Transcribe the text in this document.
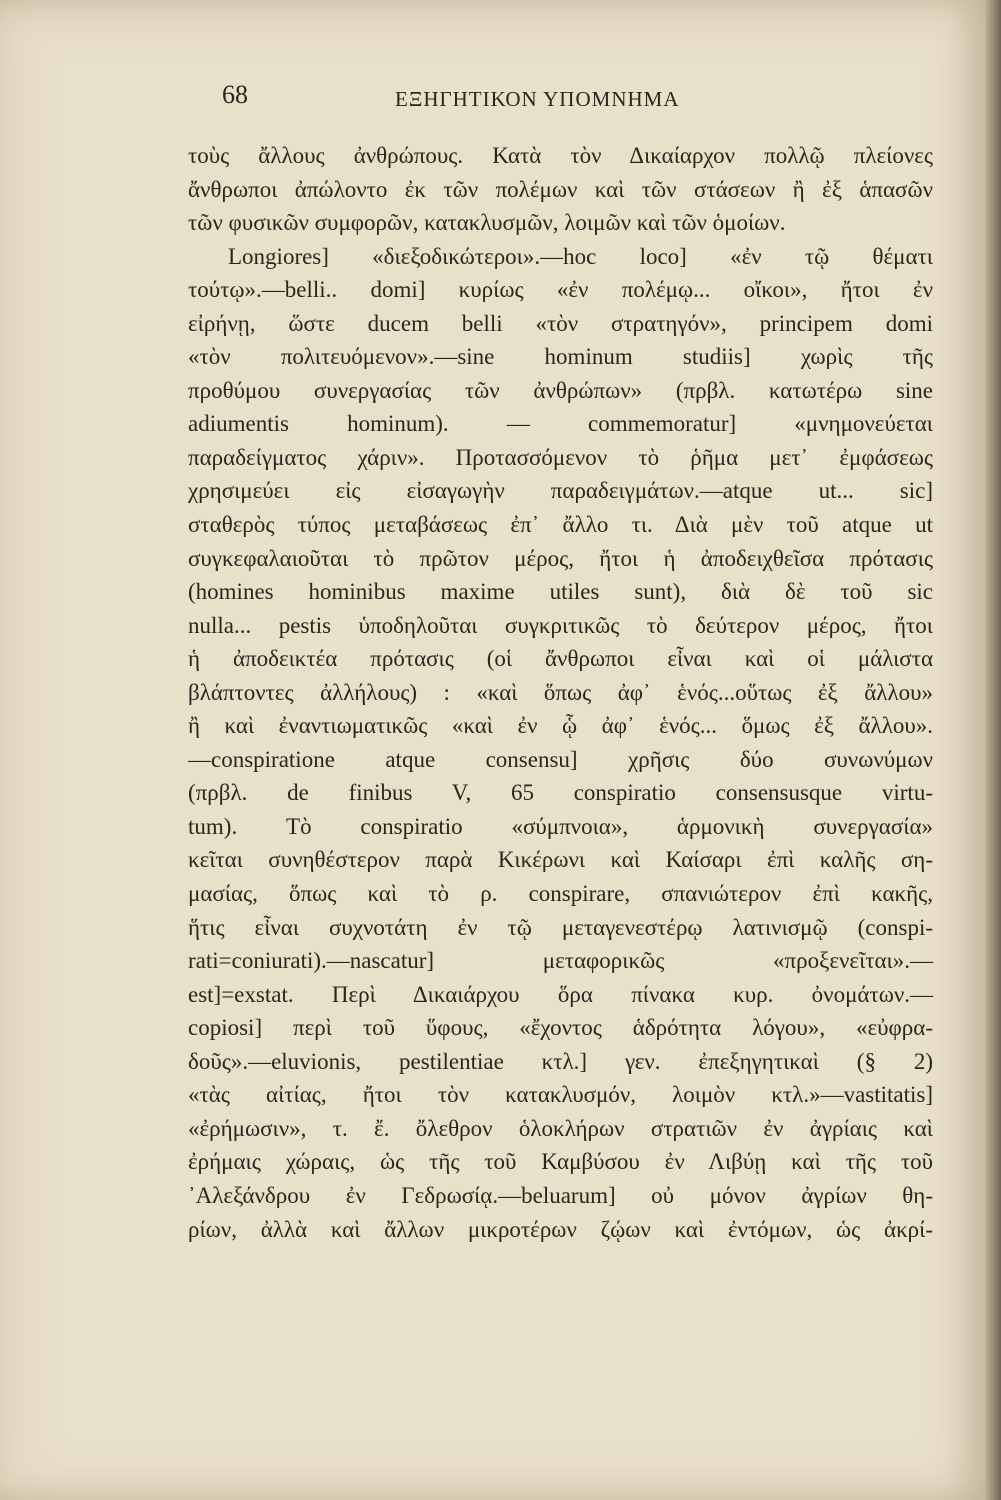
68	ΕΞΗΓΗΤΙΚΟΝ ΥΠΟΜΝΗΜΑ
τοὺς ἄλλους ἀνθρώπους. Κατὰ τὸν Δικαίαρχον πολλῷ πλείονες
ἄνθρωποι ἀπώλοντο ἐκ τῶν πολέμων καὶ τῶν στάσεων ἢ ἐξ ἁπασῶν
τῶν φυσικῶν συμφορῶν, κατακλυσμῶν, λοιμῶν καὶ τῶν ὁμοίων.
Longiores] «διεξοδικώτεροι».—hoc loco] «ἐν τῷ θέματι
τούτῳ».—belli.. domi] κυρίως «ἐν πολέμῳ... οἴκοι», ἤτοι ἐν
εἰρήνῃ, ὥστε ducem belli «τὸν στρατηγόν», principem domi
«τὸν πολιτευόμενον».—sine hominum studiis] χωρὶς τῆς
προθύμου συνεργασίας τῶν ἀνθρώπων» (πρβλ. κατωτέρω sine
adiumentis hominum). — commemoratur] «μνημονεύεται
παραδείγματος χάριν». Προτασσόμενον τὸ ῥῆμα μετ᾽ ἐμφάσεως
χρησιμεύει εἰς εἰσαγωγὴν παραδειγμάτων.—atque ut... sic]
σταθερὸς τύπος μεταβάσεως ἐπ᾽ ἄλλο τι. Διὰ μὲν τοῦ atque ut
συγκεφαλαιοῦται τὸ πρῶτον μέρος, ἤτοι ἡ ἀποδειχθεῖσα πρότασις
(homines hominibus maxime utiles sunt), διὰ δὲ τοῦ sic
nulla... pestis ὑποδηλοῦται συγκριτικῶς τὸ δεύτερον μέρος, ἤτοι
ἡ ἀποδεικτέα πρότασις (οἱ ἄνθρωποι εἶναι καὶ οἱ μάλιστα
βλάπτοντες ἀλλήλους) : «καὶ ὅπως ἀφ᾽ ἑνός...οὕτως ἐξ ἄλλου»
ἢ καὶ ἐναντιωματικῶς «καὶ ἐν ᾧ ἀφ᾽ ἑνός... ὅμως ἐξ ἄλλου».
—conspiratione atque consensu] χρῆσις δύο συνωνύμων
(πρβλ. de finibus V, 65 conspiratio consensusque virtu-
tum). Τὸ conspiratio «σύμπνοια», ἁρμονικὴ συνεργασία»
κεῖται συνηθέστερον παρὰ Κικέρωνι καὶ Καίσαρι ἐπὶ καλῆς ση-
μασίας, ὅπως καὶ τὸ ρ. conspirare, σπανιώτερον ἐπὶ κακῆς,
ἥτις εἶναι συχνοτάτη ἐν τῷ μεταγενεστέρῳ λατινισμῷ (conspi-
rati=coniurati).—nascatur] μεταφορικῶς «προξενεῖται».—
est]=exstat. Περὶ Δικαιάρχου ὅρα πίνακα κυρ. ὀνομάτων.—
copiosi] περὶ τοῦ ὕφους, «ἔχοντος ἁδρότητα λόγου», «εὐφρα-
δοῦς».—eluvionis, pestilentiae κτλ.] γεν. ἐπεξηγητικαὶ (§ 2)
«τὰς αἰτίας, ἤτοι τὸν κατακλυσμόν, λοιμὸν κτλ.»—vastitatis]
«ἐρήμωσιν», τ. ἔ. ὄλεθρον ὁλοκλήρων στρατιῶν ἐν ἀγρίαις καὶ
ἐρήμαις χώραις, ὡς τῆς τοῦ Καμβύσου ἐν Λιβύῃ καὶ τῆς τοῦ
᾽Αλεξάνδρου ἐν Γεδρωσίᾳ.—beluarum] οὐ μόνον ἀγρίων θη-
ρίων, ἀλλὰ καὶ ἄλλων μικροτέρων ζῴων καὶ ἐντόμων, ὡς ἀκρί-
